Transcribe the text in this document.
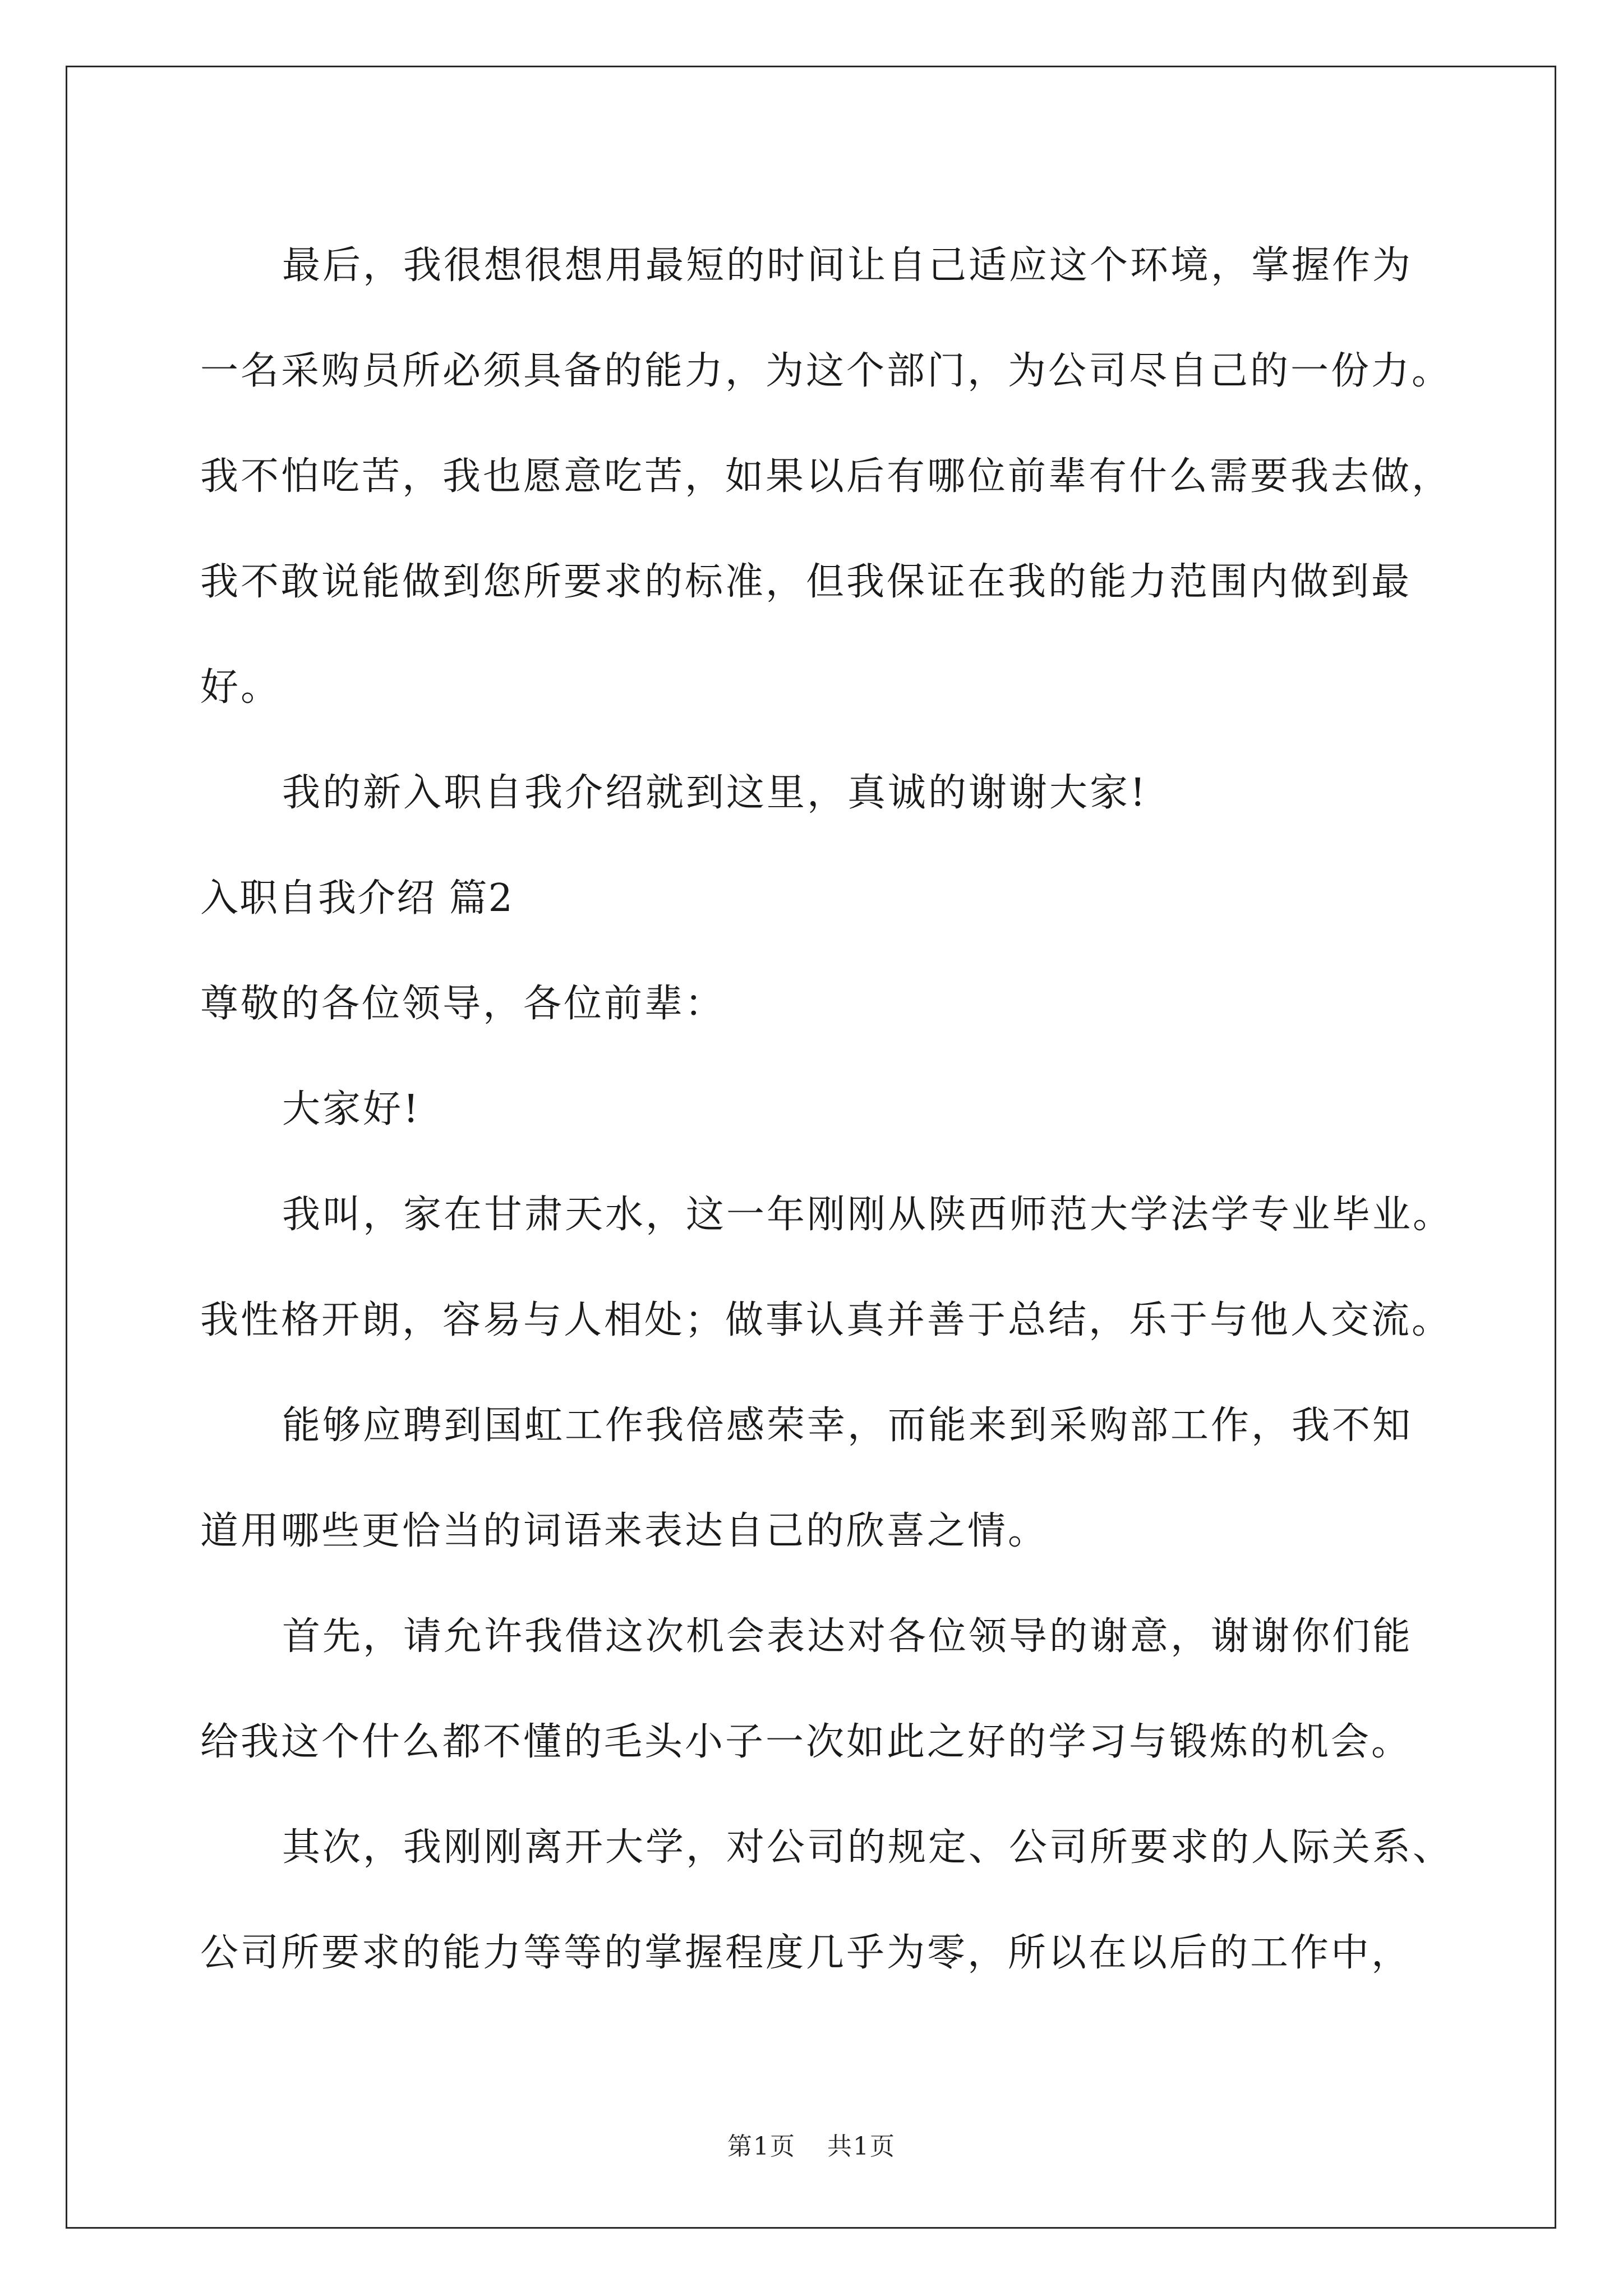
最后，我很想很想用最短的时间让自己适应这个环境，掌握作为

一名采购员所必须具备的能力，为这个部门，为公司尽自己的一份力。

我不怕吃苦，我也愿意吃苦，如果以后有哪位前辈有什么需要我去做，

我不敢说能做到您所要求的标准，但我保证在我的能力范围内做到最

好。

我的新入职自我介绍就到这里，真诚的谢谢大家!

入职自我介绍 篇2

尊敬的各位领导，各位前辈：

大家好!

我叫，家在甘肃天水，这一年刚刚从陕西师范大学法学专业毕业。

我性格开朗，容易与人相处；做事认真并善于总结，乐于与他人交流。

能够应聘到国虹工作我倍感荣幸，而能来到采购部工作，我不知

道用哪些更恰当的词语来表达自己的欣喜之情。

首先，请允许我借这次机会表达对各位领导的谢意，谢谢你们能

给我这个什么都不懂的毛头小子一次如此之好的学习与锻炼的机会。

其次，我刚刚离开大学，对公司的规定、公司所要求的人际关系、

公司所要求的能力等等的掌握程度几乎为零，所以在以后的工作中，

第1页 共1页
